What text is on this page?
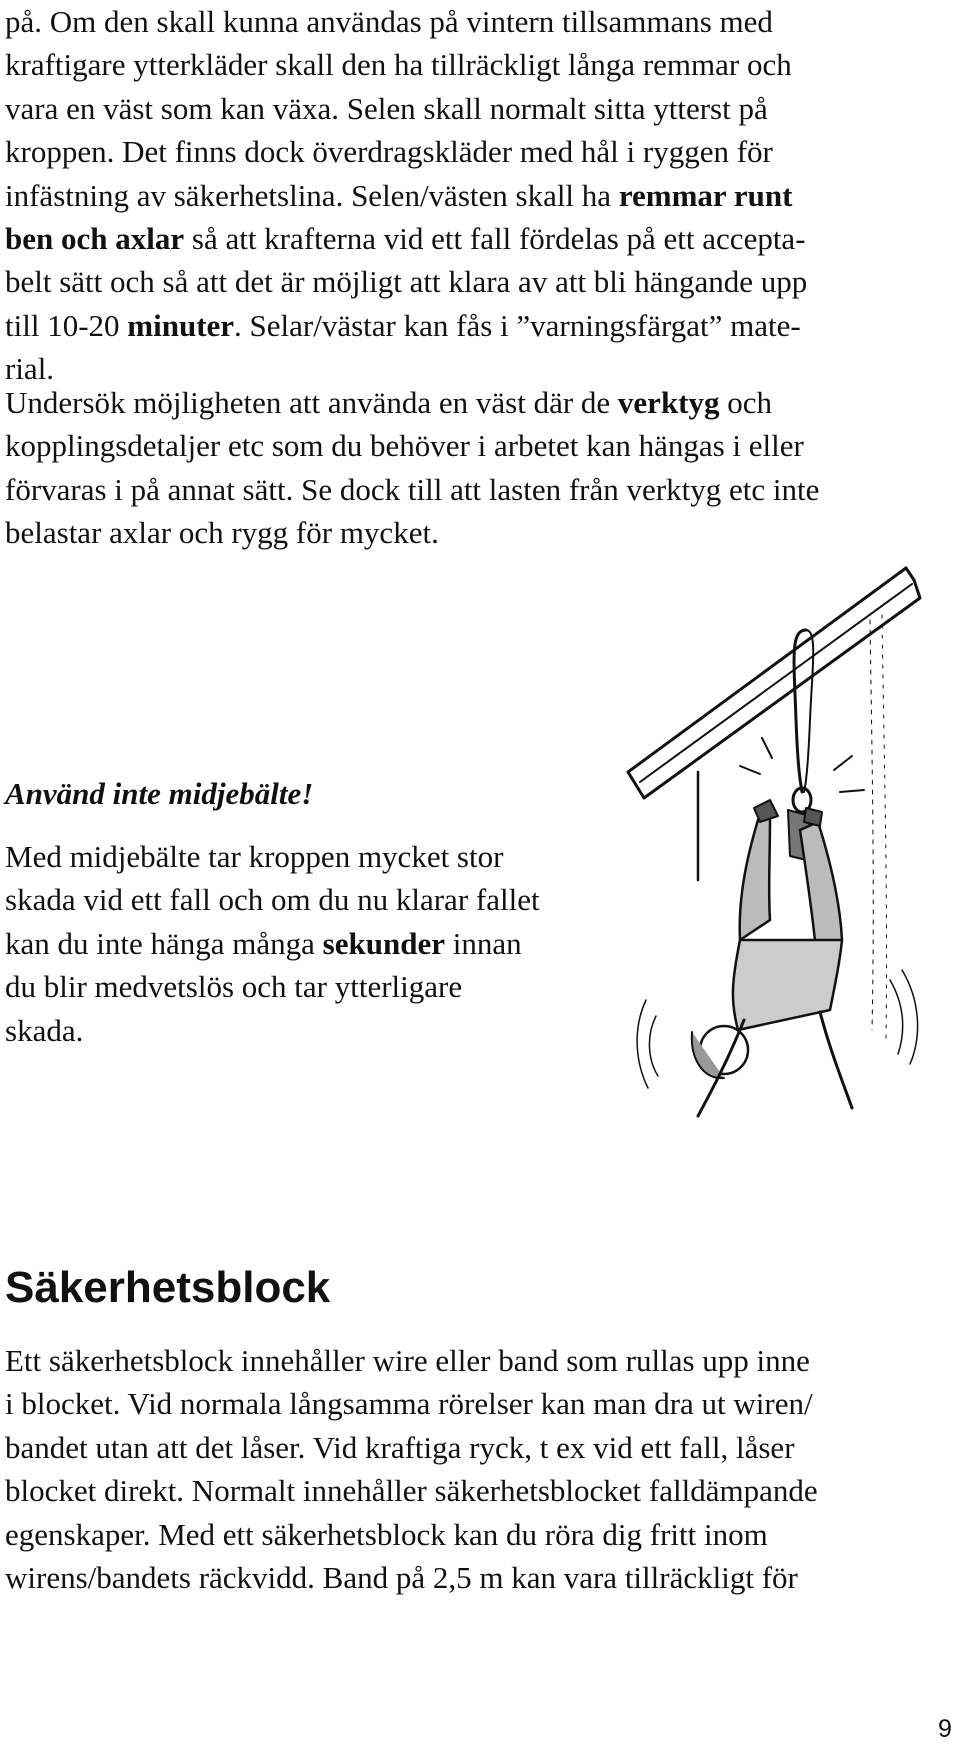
på. Om den skall kunna användas på vintern tillsammans med
kraftigare ytterkläder skall den ha tillräckligt långa remmar och
vara en väst som kan växa. Selen skall normalt sitta ytterst på
kroppen. Det finns dock överdragskläder med hål i ryggen för
infästning av säkerhetslina. Selen/västen skall ha remmar runt
ben och axlar så att krafterna vid ett fall fördelas på ett accepta-
belt sätt och så att det är möjligt att klara av att bli hängande upp
till 10-20 minuter. Selar/västar kan fås i ”varningsfärgat” mate-
rial.
Undersök möjligheten att använda en väst där de verktyg och
kopplingsdetaljer etc som du behöver i arbetet kan hängas i eller
förvaras i på annat sätt. Se dock till att lasten från verktyg etc inte
belastar axlar och rygg för mycket.
Använd inte midjebälte!
Med midjebälte tar kroppen mycket stor
skada vid ett fall och om du nu klarar fallet
kan du inte hänga många sekunder innan
du blir medvetslös och tar ytterligare
skada.
Säkerhetsblock
Ett säkerhetsblock innehåller wire eller band som rullas upp inne
i blocket. Vid normala långsamma rörelser kan man dra ut wiren/
bandet utan att det låser. Vid kraftiga ryck, t ex vid ett fall, låser
blocket direkt. Normalt innehåller säkerhetsblocket falldämpande
egenskaper. Med ett säkerhetsblock kan du röra dig fritt inom
wirens/bandets räckvidd. Band på 2,5 m kan vara tillräckligt för
9
